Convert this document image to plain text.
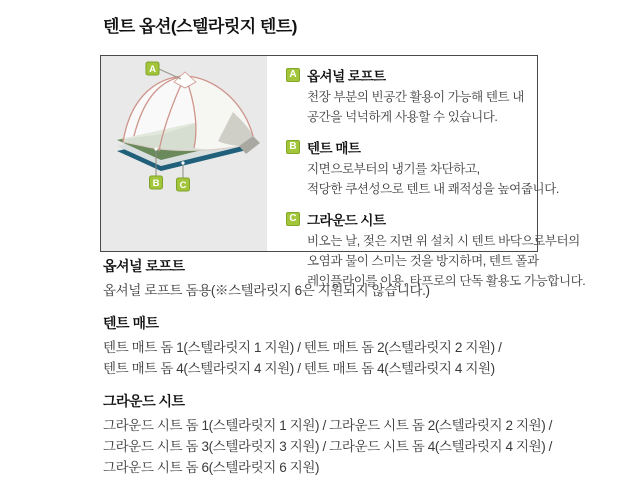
텐트 옵션(스텔라릿지 텐트)
A
B C
A 옵셔널 로프트

천장 부분의 빈공간 활용이 가능해 텐트 내

공간을 넉넉하게 사용할 수 있습니다.

B 텐트 매트

지면으로부터의 냉기를 차단하고,

적당한 쿠션성으로 텐트 내 쾌적성을 높여줍니다.

C 그라운드 시트

비오는 날, 젖은 지면 위 설치 시 텐트 바닥으로부터의

오염과 물이 스미는 것을 방지하며, 텐트 폴과

레인플라이를 이용, 타프로의 단독 활용도 가능합니다.

옵셔널 로프트

옵셔널 로프트 돔용(※스텔라릿지 6은 지원되지 않습니다.)

텐트 매트

텐트 매트 돔 1(스텔라릿지 1 지원) / 텐트 매트 돔 2(스텔라릿지 2 지원) /

텐트 매트 돔 4(스텔라릿지 4 지원) / 텐트 매트 돔 4(스텔라릿지 4 지원)

그라운드 시트

그라운드 시트 돔 1(스텔라릿지 1 지원) / 그라운드 시트 돔 2(스텔라릿지 2 지원) /

그라운드 시트 돔 3(스텔라릿지 3 지원) / 그라운드 시트 돔 4(스텔라릿지 4 지원) /

그라운드 시트 돔 6(스텔라릿지 6 지원)
